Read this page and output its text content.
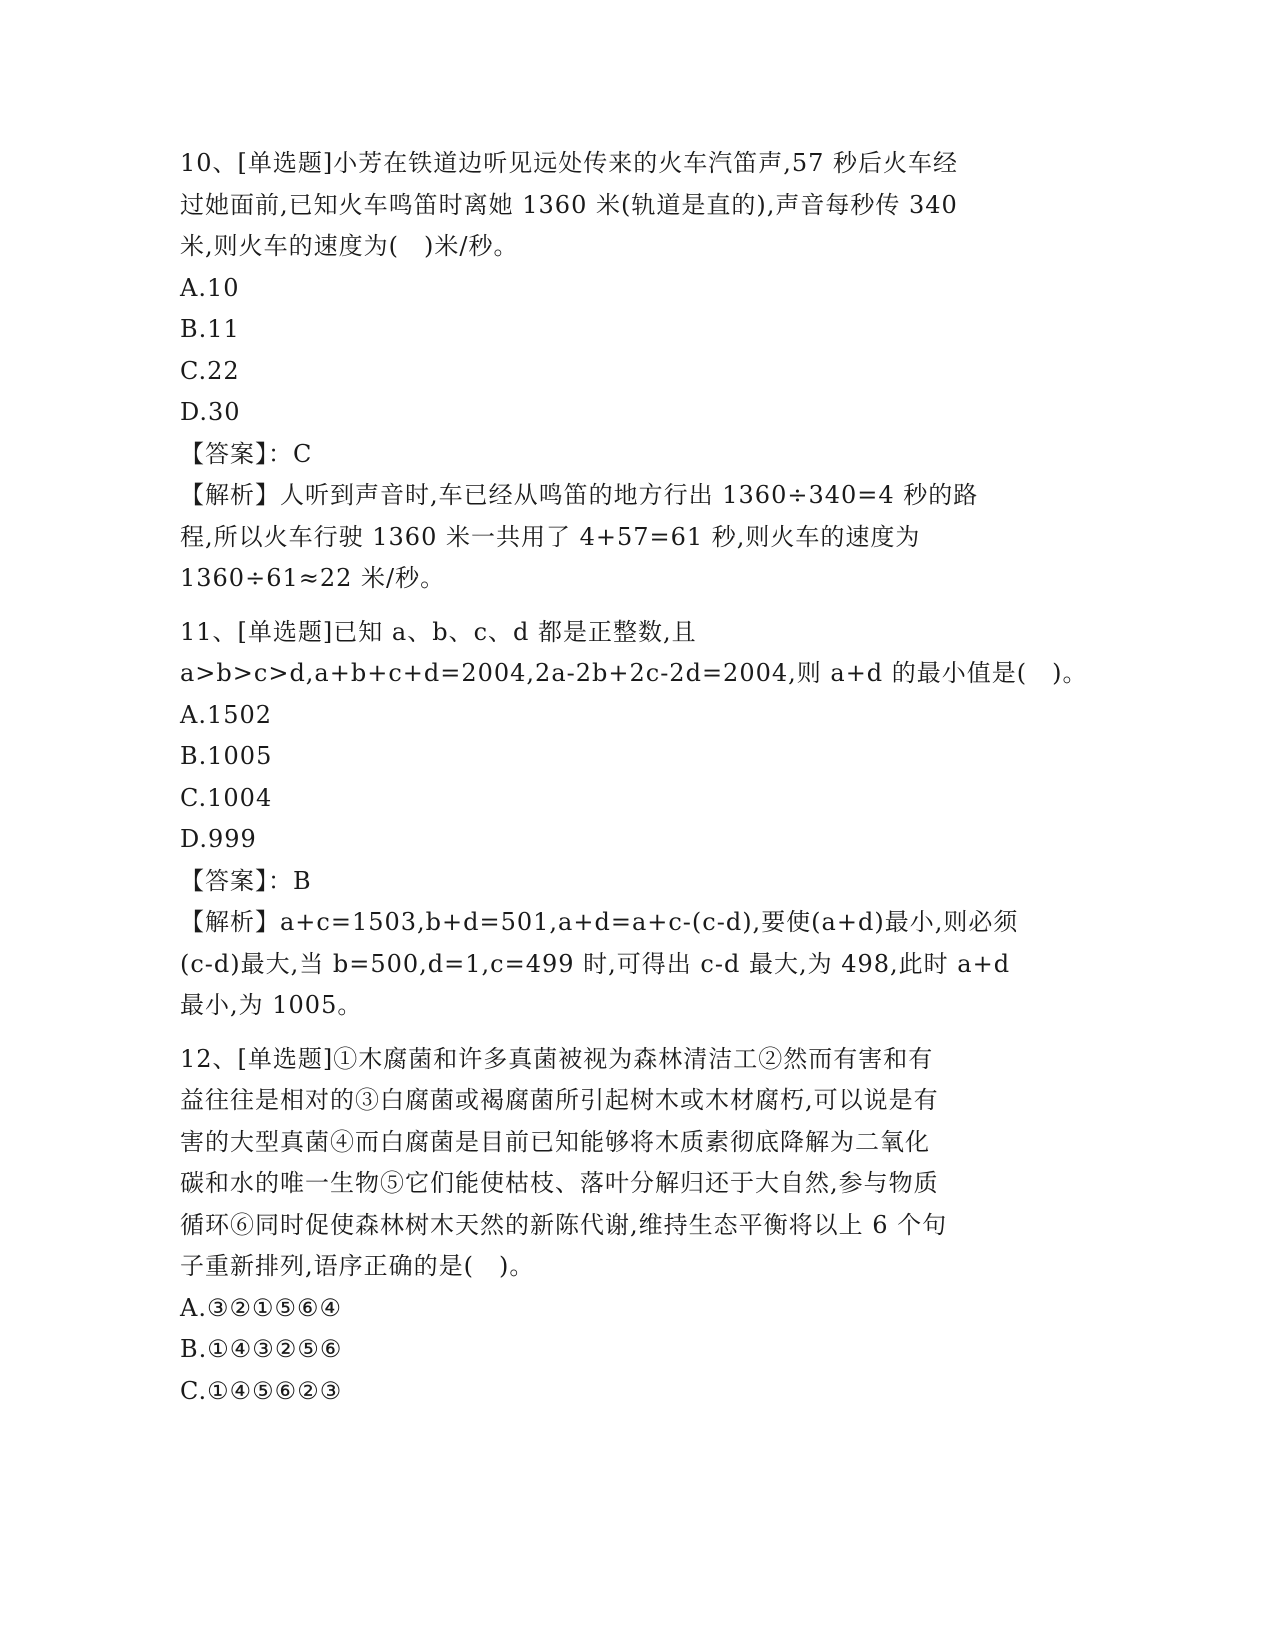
10、[单选题]小芳在铁道边听见远处传来的火车汽笛声,57 秒后火车经
过她面前,已知火车鸣笛时离她 1360 米(轨道是直的),声音每秒传 340
米,则火车的速度为(　)米/秒。
A.10
B.11
C.22
D.30
【答案】：C
【解析】人听到声音时,车已经从鸣笛的地方行出 1360÷340=4 秒的路
程,所以火车行驶 1360 米一共用了 4+57=61 秒,则火车的速度为
1360÷61≈22 米/秒。
11、[单选题]已知 a、b、c、d 都是正整数,且
a>b>c>d,a+b+c+d=2004,2a-2b+2c-2d=2004,则 a+d 的最小值是(　)。
A.1502
B.1005
C.1004
D.999
【答案】：B
【解析】a+c=1503,b+d=501,a+d=a+c-(c-d),要使(a+d)最小,则必须
(c-d)最大,当 b=500,d=1,c=499 时,可得出 c-d 最大,为 498,此时 a+d
最小,为 1005。
12、[单选题]①木腐菌和许多真菌被视为森林清洁工②然而有害和有
益往往是相对的③白腐菌或褐腐菌所引起树木或木材腐朽,可以说是有
害的大型真菌④而白腐菌是目前已知能够将木质素彻底降解为二氧化
碳和水的唯一生物⑤它们能使枯枝、落叶分解归还于大自然,参与物质
循环⑥同时促使森林树木天然的新陈代谢,维持生态平衡将以上 6 个句
子重新排列,语序正确的是(　)。
A.③②①⑤⑥④
B.①④③②⑤⑥
C.①④⑤⑥②③
